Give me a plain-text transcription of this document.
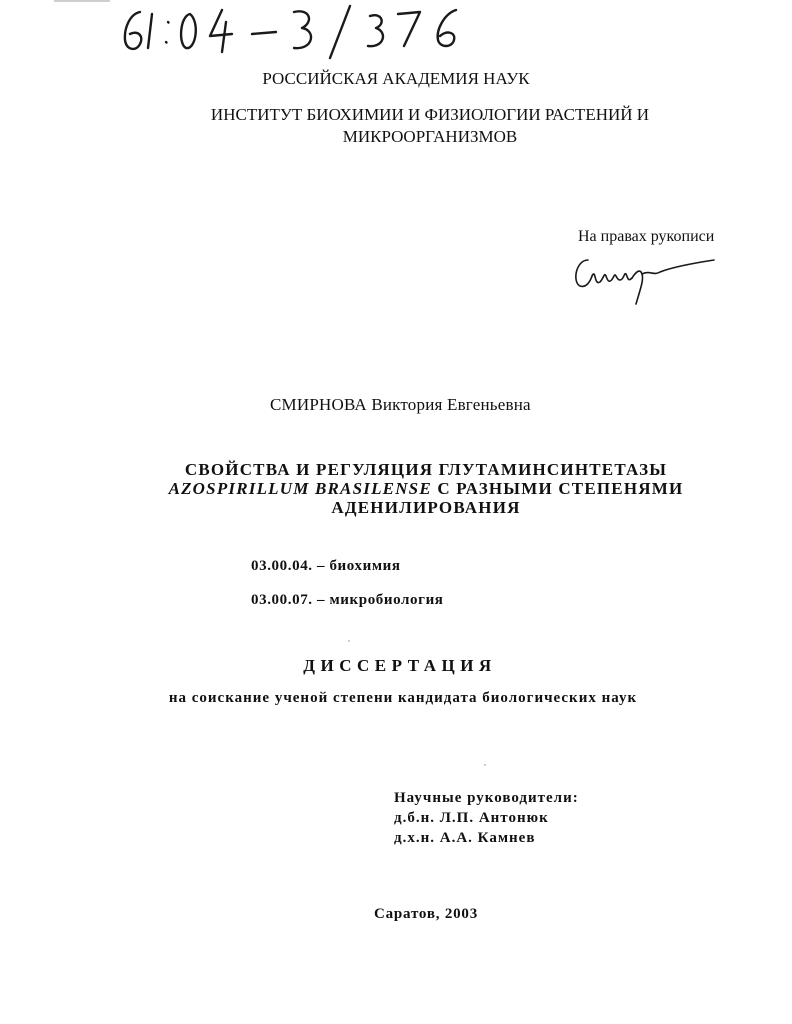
РОССИЙСКАЯ АКАДЕМИЯ НАУК
ИНСТИТУТ БИОХИМИИ И ФИЗИОЛОГИИ РАСТЕНИЙ И
МИКРООРГАНИЗМОВ
На правах рукописи
СМИРНОВА Виктория Евгеньевна
СВОЙСТВА И РЕГУЛЯЦИЯ ГЛУТАМИНСИНТЕТАЗЫ
AZOSPIRILLUM BRASILENSE С РАЗНЫМИ СТЕПЕНЯМИ
АДЕНИЛИРОВАНИЯ
03.00.04. – биохимия
03.00.07. – микробиология
ДИССЕРТАЦИЯ
на соискание ученой степени кандидата биологических наук
Научные руководители:
д.б.н. Л.П. Антонюк
д.х.н. А.А. Камнев
Саратов, 2003
